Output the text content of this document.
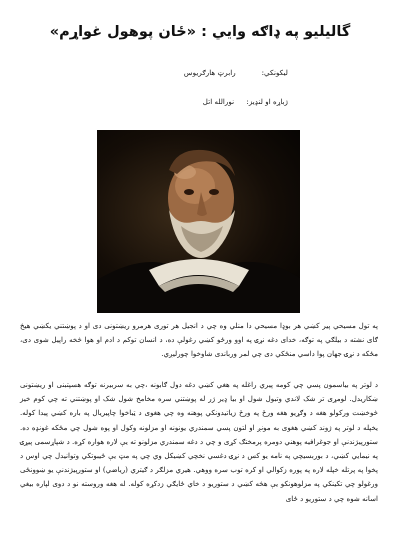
گاليليو په ډاګه وايي : «ځان پوهول غواړم»
ليکونکي: رابرټ هارګريوس
ژباړه او لنډيز: نورالله اتل
په تول مسيحي پير کښي هر بوډا مسيحي دا منلي وه چي د انجيل هر توری هرمرو ريښتونی دی او د پوښتني يکښي هيڅ ګای نشته د بيلګي په توګه، خدای دغه نړۍ په اوو ورځو کښي رغولې ده، د انسان توکم د ادم او هوا څخه راپيل شوی دی، مځکه د نړۍ جهان پوا داسي منځکي دی چي لمر ورباندی شاوخوا چورليږي.
د لوتر په بياسمون پسي چي کومه پيري راغله په هغي کښي دغه دول ګابونه ،چي به سربيرنه توګه هسپتبنی او ريښتونی ښکاريدل. لومړی تر شک لاندي وتبول شول او بيا ډير ژر له پوښتني سره مخامخ شول شک او پوښتني ته چي کوم خيز څوخښت ورکولو هغه د وګړيو هغه ورځ په ورځ زياتيدونکي پوهنه وه چي هغوی د ټباخوا چاپيريال په باره کښي پيدا کوله. يخپله د لوتر په ژوند کښي هغوی به مونږ او لتون پسي سمندري يونونه او مزلونه وکول او پوه شول چي مځکه غونډه ده. ستورپيژندنې او جوغرافيه پوهني دومره پرمختګ کړی و چي د دغه سمندري مزلونو ته يې لاره هواره کړه. د شپاړسمی پيړۍ په نيمايي کښي، د بوربسيچي په نامه يو کس د نړۍ دغسي نخچي کښيکل وي چي په مټ يې ځيبوتکي وتوانيدل چي اوس د پخوا په پرتله خپله لاره په پوره زکوالي او کره توب سره ووهي. هيري مزلګر د ګيتري (رياضي) او ستورپيژندنې يو ښوونځی ورغولو چي تکينکي په مزلوهونکو يې هڅه کښي د ستوريو د خاي ځايګي زدکړه کوله. له هغه وروسته نو د دوی لپاره بيغي اسانه شوه چي د ستوريو د ځای
